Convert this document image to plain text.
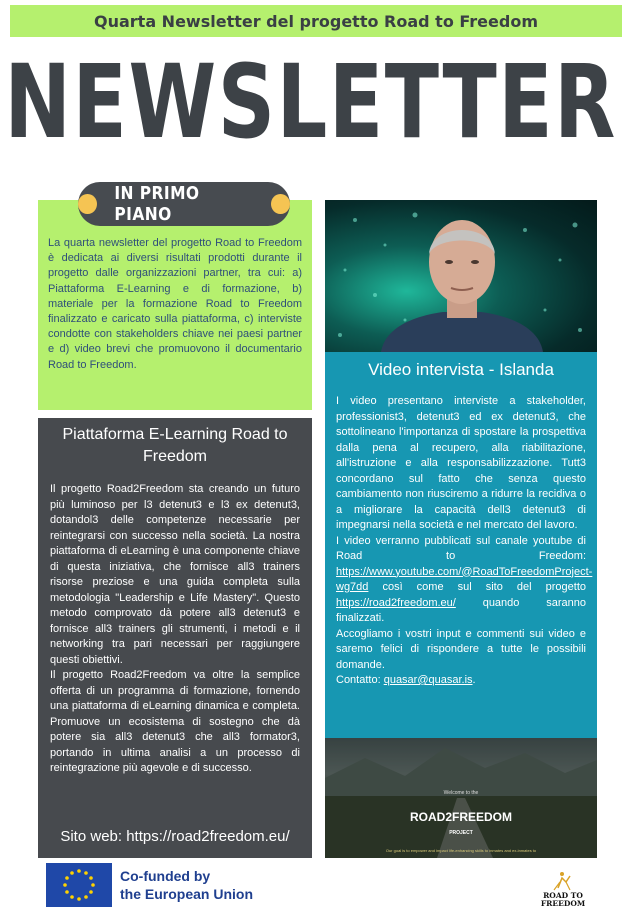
Quarta Newsletter del progetto Road to Freedom
NEWSLETTER
IN PRIMO PIANO

La quarta newsletter del progetto Road to Freedom è dedicata ai diversi risultati prodotti durante il progetto dalle organizzazioni partner, tra cui: a) Piattaforma E-Learning e di formazione, b) materiale per la formazione Road to Freedom finalizzato e caricato sulla piattaforma, c) interviste condotte con stakeholders chiave nei paesi partner e d) video brevi che promuovono il documentario Road to Freedom.

Piattaforma E-Learning Road to Freedom

Il progetto Road2Freedom sta creando un futuro più luminoso per l3 detenut3 e l3 ex detenut3, dotandol3 delle competenze necessarie per reintegrarsi con successo nella società. La nostra piattaforma di eLearning è una componente chiave di questa iniziativa, che fornisce all3 trainers risorse preziose e una guida completa sulla metodologia "Leadership e Life Mastery". Questo metodo comprovato dà potere all3 detenut3 e fornisce all3 trainers gli strumenti, i metodi e il networking tra pari necessari per raggiungere questi obiettivi.

Il progetto Road2Freedom va oltre la semplice offerta di un programma di formazione, fornendo una piattaforma di eLearning dinamica e completa. Promuove un ecosistema di sostegno che dà potere sia all3 detenut3 che all3 formator3, portando in ultima analisi a un processo di reintegrazione più agevole e di successo.

Sito web: https://road2freedom.eu/
Video intervista - Islanda

I video presentano interviste a stakeholder, professionist3, detenut3 ed ex detenut3, che sottolineano l'importanza di spostare la prospettiva dalla pena al recupero, alla riabilitazione, all'istruzione e alla responsabilizzazione. Tutt3 concordano sul fatto che senza questo cambiamento non riusciremo a ridurre la recidiva o a migliorare la capacità dell3 detenut3 di impegnarsi nella società e nel mercato del lavoro.

I video verranno pubblicati sul canale youtube di Road to Freedom: https://www.youtube.com/@RoadToFreedomProject-wg7dd così come sul sito del progetto https://road2freedom.eu/ quando saranno finalizzati.

Accogliamo i vostri input e commenti sui video e saremo felici di rispondere a tutte le possibili domande.

Contatto: quasar@quasar.is.

Welcome to the
ROAD2FREEDOM
PROJECT
Our goal is to empower and impact life-enhancing skills to inmates and ex-inmates to
Co-funded by
the European Union	ROAD TO
FREEDOM
